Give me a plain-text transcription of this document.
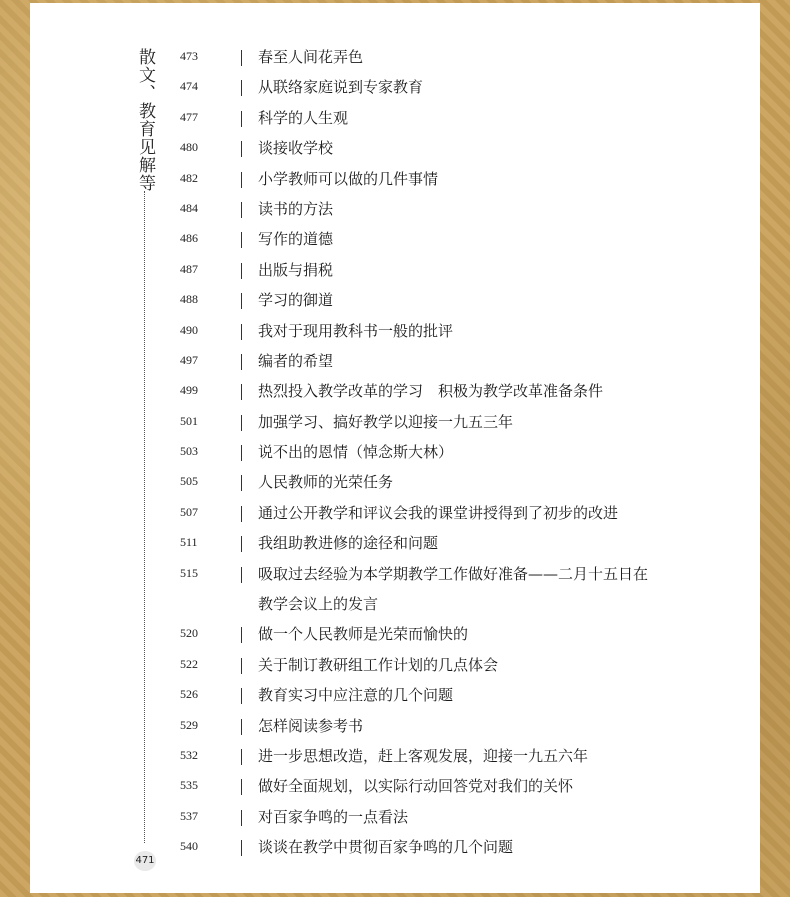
散文、教育见解等
471
473	春至人间花弄色
474	从联络家庭说到专家教育
477	科学的人生观
480	谈接收学校
482	小学教师可以做的几件事情
484	读书的方法
486	写作的道德
487	出版与捐税
488	学习的御道
490	我对于现用教科书一般的批评
497	编者的希望
499	热烈投入教学改革的学习　积极为教学改革准备条件
501	加强学习、搞好教学以迎接一九五三年
503	说不出的恩情（悼念斯大林）
505	人民教师的光荣任务
507	通过公开教学和评议会我的课堂讲授得到了初步的改进
511	我组助教进修的途径和问题
515	吸取过去经验为本学期教学工作做好准备——二月十五日在
教学会议上的发言
520	做一个人民教师是光荣而愉快的
522	关于制订教研组工作计划的几点体会
526	教育实习中应注意的几个问题
529	怎样阅读参考书
532	进一步思想改造，赶上客观发展，迎接一九五六年
535	做好全面规划，以实际行动回答党对我们的关怀
537	对百家争鸣的一点看法
540	谈谈在教学中贯彻百家争鸣的几个问题
